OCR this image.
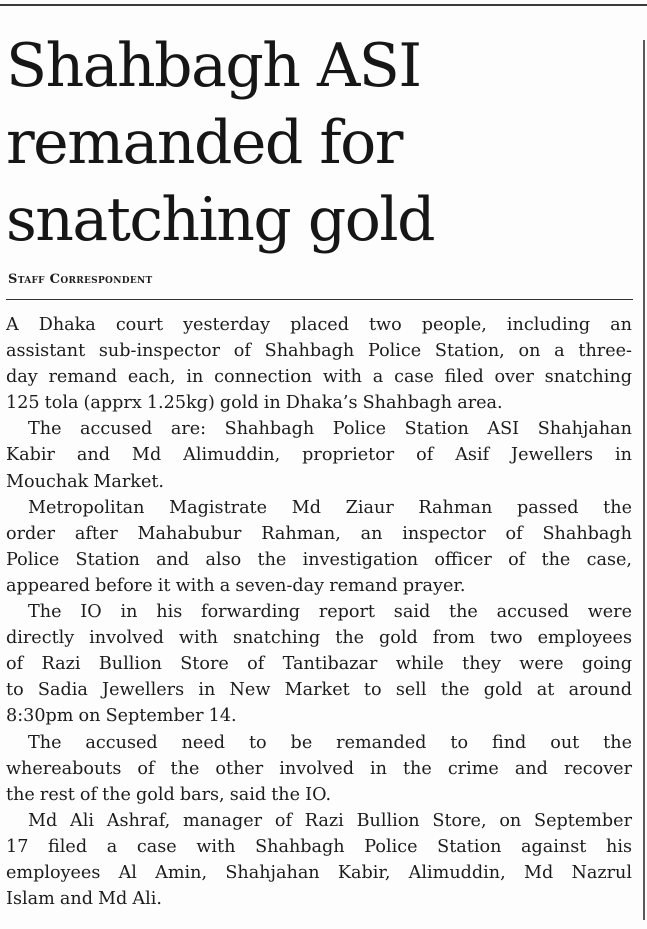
Shahbagh ASI
remanded for
snatching gold
Staff Correspondent

A Dhaka court yesterday placed two people, including an
assistant sub-inspector of Shahbagh Police Station, on a three-
day remand each, in connection with a case filed over snatching
125 tola (apprx 1.25kg) gold in Dhaka’s Shahbagh area.

The accused are: Shahbagh Police Station ASI Shahjahan
Kabir and Md Alimuddin, proprietor of Asif Jewellers in
Mouchak Market.

Metropolitan Magistrate Md Ziaur Rahman passed the
order after Mahabubur Rahman, an inspector of Shahbagh
Police Station and also the investigation officer of the case,
appeared before it with a seven-day remand prayer.

The IO in his forwarding report said the accused were
directly involved with snatching the gold from two employees
of Razi Bullion Store of Tantibazar while they were going
to Sadia Jewellers in New Market to sell the gold at around
8:30pm on September 14.

The accused need to be remanded to find out the
whereabouts of the other involved in the crime and recover
the rest of the gold bars, said the IO.

Md Ali Ashraf, manager of Razi Bullion Store, on September
17 filed a case with Shahbagh Police Station against his
employees Al Amin, Shahjahan Kabir, Alimuddin, Md Nazrul
Islam and Md Ali.
